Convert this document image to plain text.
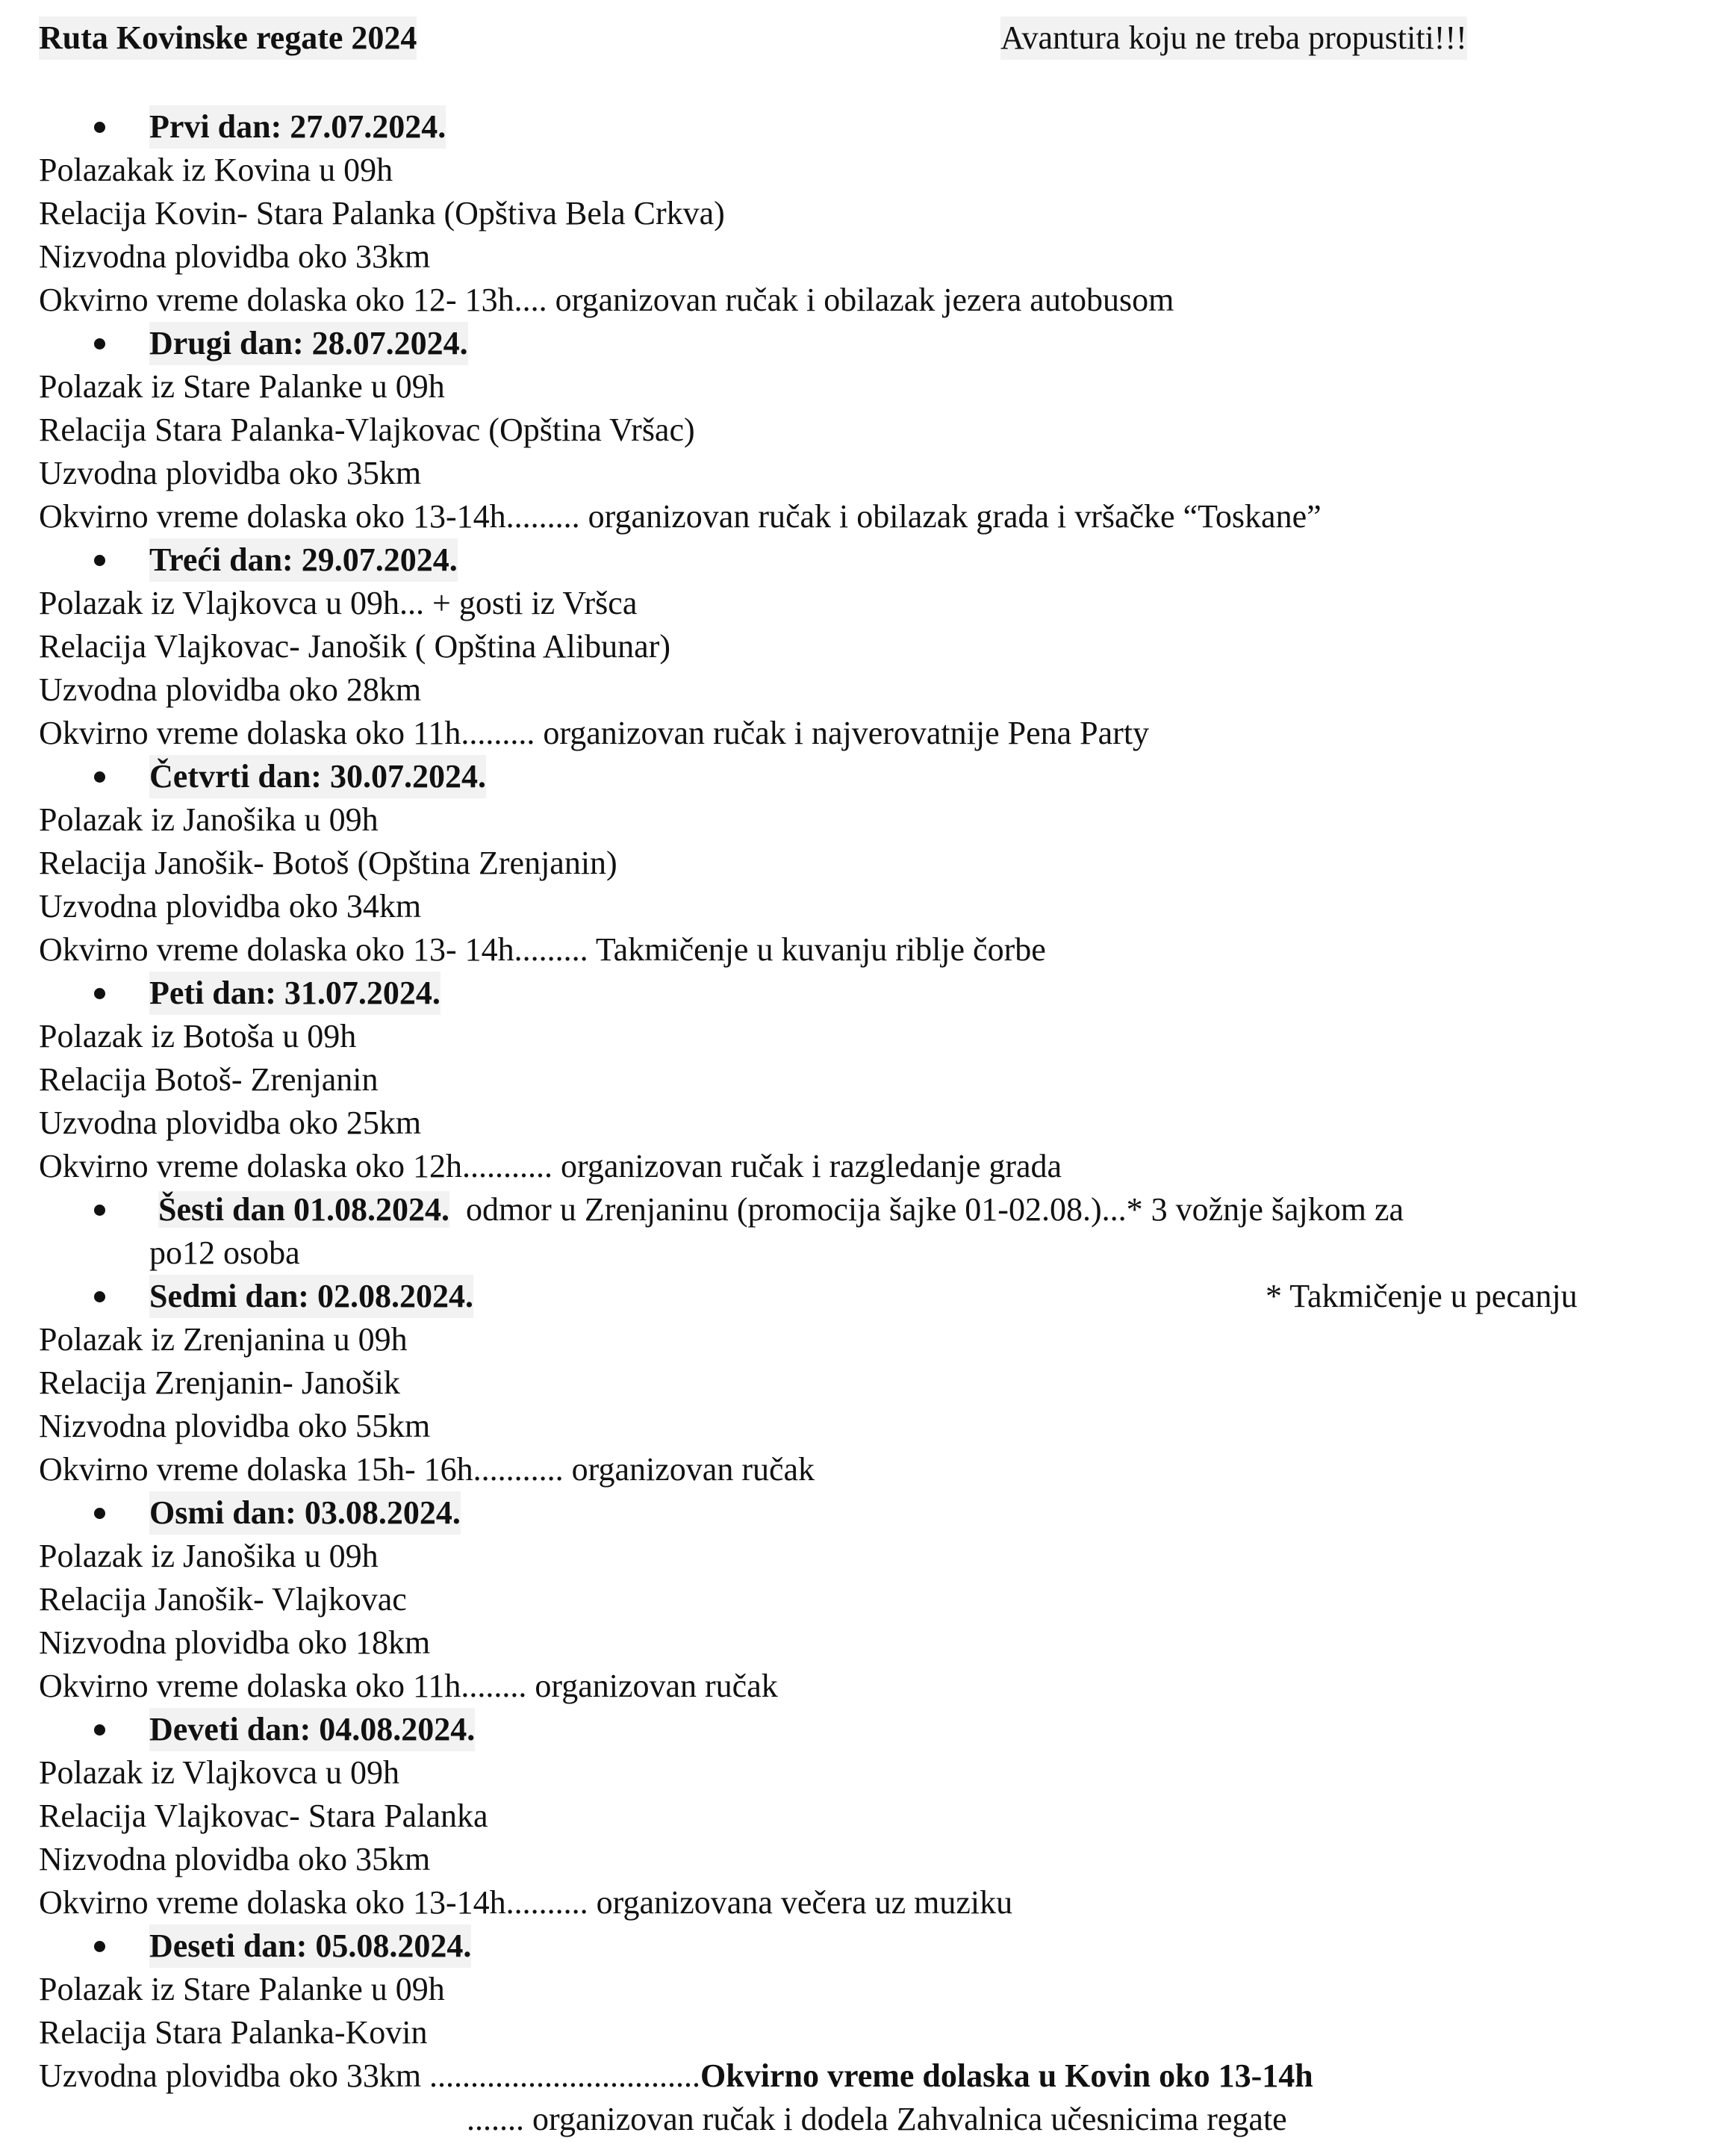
Ruta Kovinske regate 2024	Avantura koju ne treba propustiti!!!
Prvi dan: 27.07.2024.
Polazakak iz Kovina u 09h
Relacija Kovin- Stara Palanka (Opštiva Bela Crkva)
Nizvodna plovidba oko 33km
Okvirno vreme dolaska oko 12- 13h.... organizovan ručak i obilazak jezera autobusom
Drugi dan: 28.07.2024.
Polazak iz Stare Palanke u 09h
Relacija Stara Palanka-Vlajkovac (Opština Vršac)
Uzvodna plovidba oko 35km
Okvirno vreme dolaska oko 13-14h......... organizovan ručak i obilazak grada i vršačke “Toskane”
Treći dan: 29.07.2024.
Polazak iz Vlajkovca u 09h... + gosti iz Vršca
Relacija Vlajkovac- Janošik ( Opština Alibunar)
Uzvodna plovidba oko 28km
Okvirno vreme dolaska oko 11h......... organizovan ručak i najverovatnije Pena Party
Četvrti dan: 30.07.2024.
Polazak iz Janošika u 09h
Relacija Janošik- Botoš (Opština Zrenjanin)
Uzvodna plovidba oko 34km
Okvirno vreme dolaska oko 13- 14h......... Takmičenje u kuvanju riblje čorbe
Peti dan: 31.07.2024.
Polazak iz Botoša u 09h
Relacija Botoš- Zrenjanin
Uzvodna plovidba oko 25km
Okvirno vreme dolaska oko 12h........... organizovan ručak i razgledanje grada
Šesti dan 01.08.2024. odmor u Zrenjaninu (promocija šajke 01-02.08.)...* 3 vožnje šajkom za
po12 osoba
Sedmi dan: 02.08.2024.	* Takmičenje u pecanju
Polazak iz Zrenjanina u 09h
Relacija Zrenjanin- Janošik
Nizvodna plovidba oko 55km
Okvirno vreme dolaska 15h- 16h........... organizovan ručak
Osmi dan: 03.08.2024.
Polazak iz Janošika u 09h
Relacija Janošik- Vlajkovac
Nizvodna plovidba oko 18km
Okvirno vreme dolaska oko 11h........ organizovan ručak
Deveti dan: 04.08.2024.
Polazak iz Vlajkovca u 09h
Relacija Vlajkovac- Stara Palanka
Nizvodna plovidba oko 35km
Okvirno vreme dolaska oko 13-14h.......... organizovana večera uz muziku
Deseti dan: 05.08.2024.
Polazak iz Stare Palanke u 09h
Relacija Stara Palanka-Kovin
Uzvodna plovidba oko 33km .................................Okvirno vreme dolaska u Kovin oko 13-14h
....... organizovan ručak i dodela Zahvalnica učesnicima regate
